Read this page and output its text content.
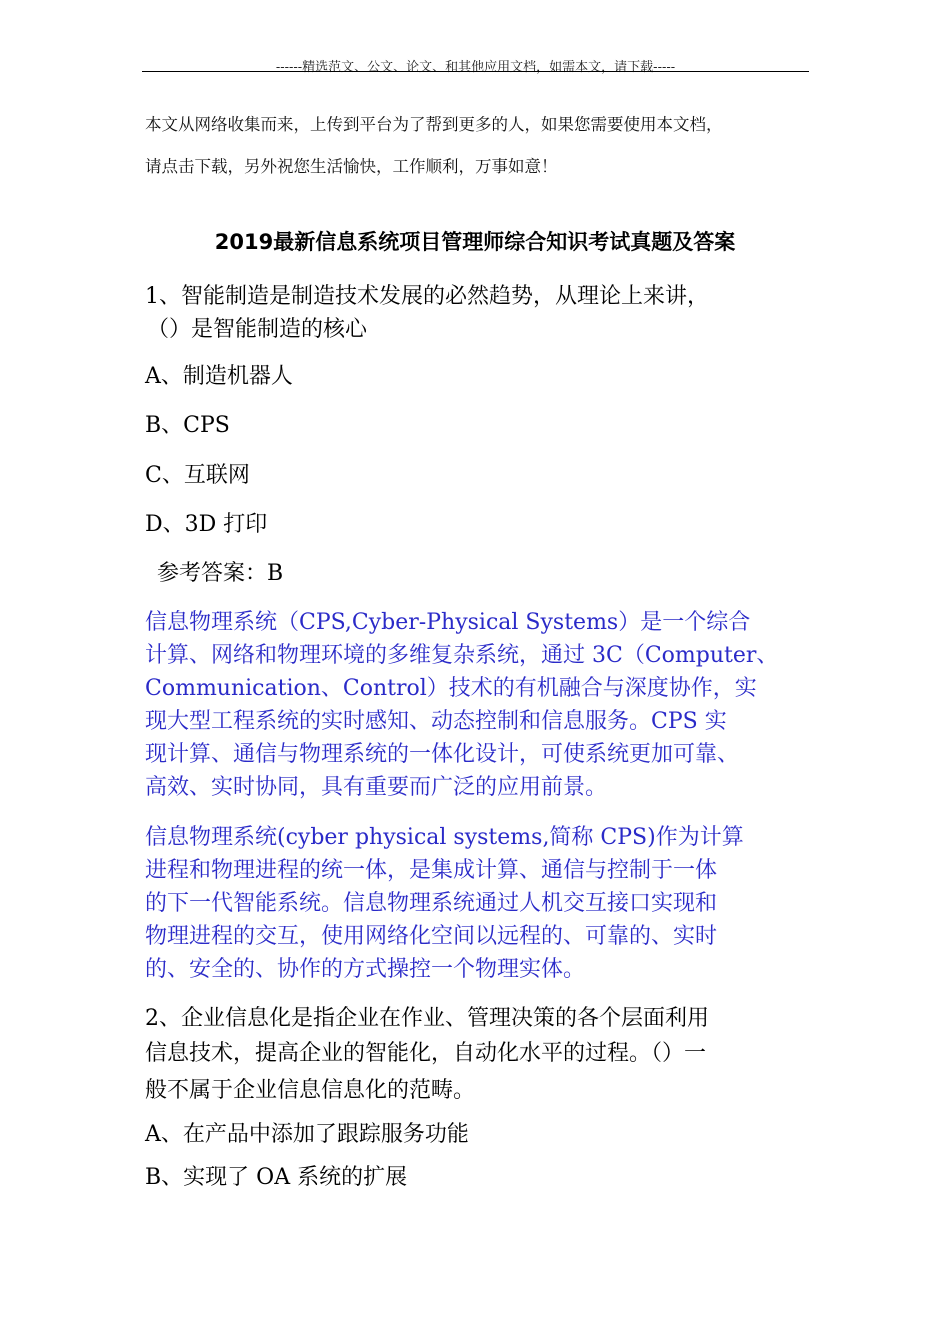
------精选范文、公文、论文、和其他应用文档，如需本文，请下载-----
本文从网络收集而来，上传到平台为了帮到更多的人，如果您需要使用本文档，
请点击下载，另外祝您生活愉快，工作顺利，万事如意！
2019最新信息系统项目管理师综合知识考试真题及答案
1、智能制造是制造技术发展的必然趋势，从理论上来讲，
（）是智能制造的核心
A、制造机器人
B、CPS
C、互联网
D、3D 打印
参考答案：B
信息物理系统（CPS,Cyber-Physical Systems）是一个综合
计算、网络和物理环境的多维复杂系统，通过 3C（Computer、
Communication、Control）技术的有机融合与深度协作，实
现大型工程系统的实时感知、动态控制和信息服务。CPS 实
现计算、通信与物理系统的一体化设计，可使系统更加可靠、
高效、实时协同，具有重要而广泛的应用前景。
信息物理系统(cyber physical systems,简称 CPS)作为计算
进程和物理进程的统一体，是集成计算、通信与控制于一体
的下一代智能系统。信息物理系统通过人机交互接口实现和
物理进程的交互，使用网络化空间以远程的、可靠的、实时
的、安全的、协作的方式操控一个物理实体。
2、企业信息化是指企业在作业、管理决策的各个层面利用
信息技术，提高企业的智能化，自动化水平的过程。（）一
般不属于企业信息信息化的范畴。
A、在产品中添加了跟踪服务功能
B、实现了 OA 系统的扩展
